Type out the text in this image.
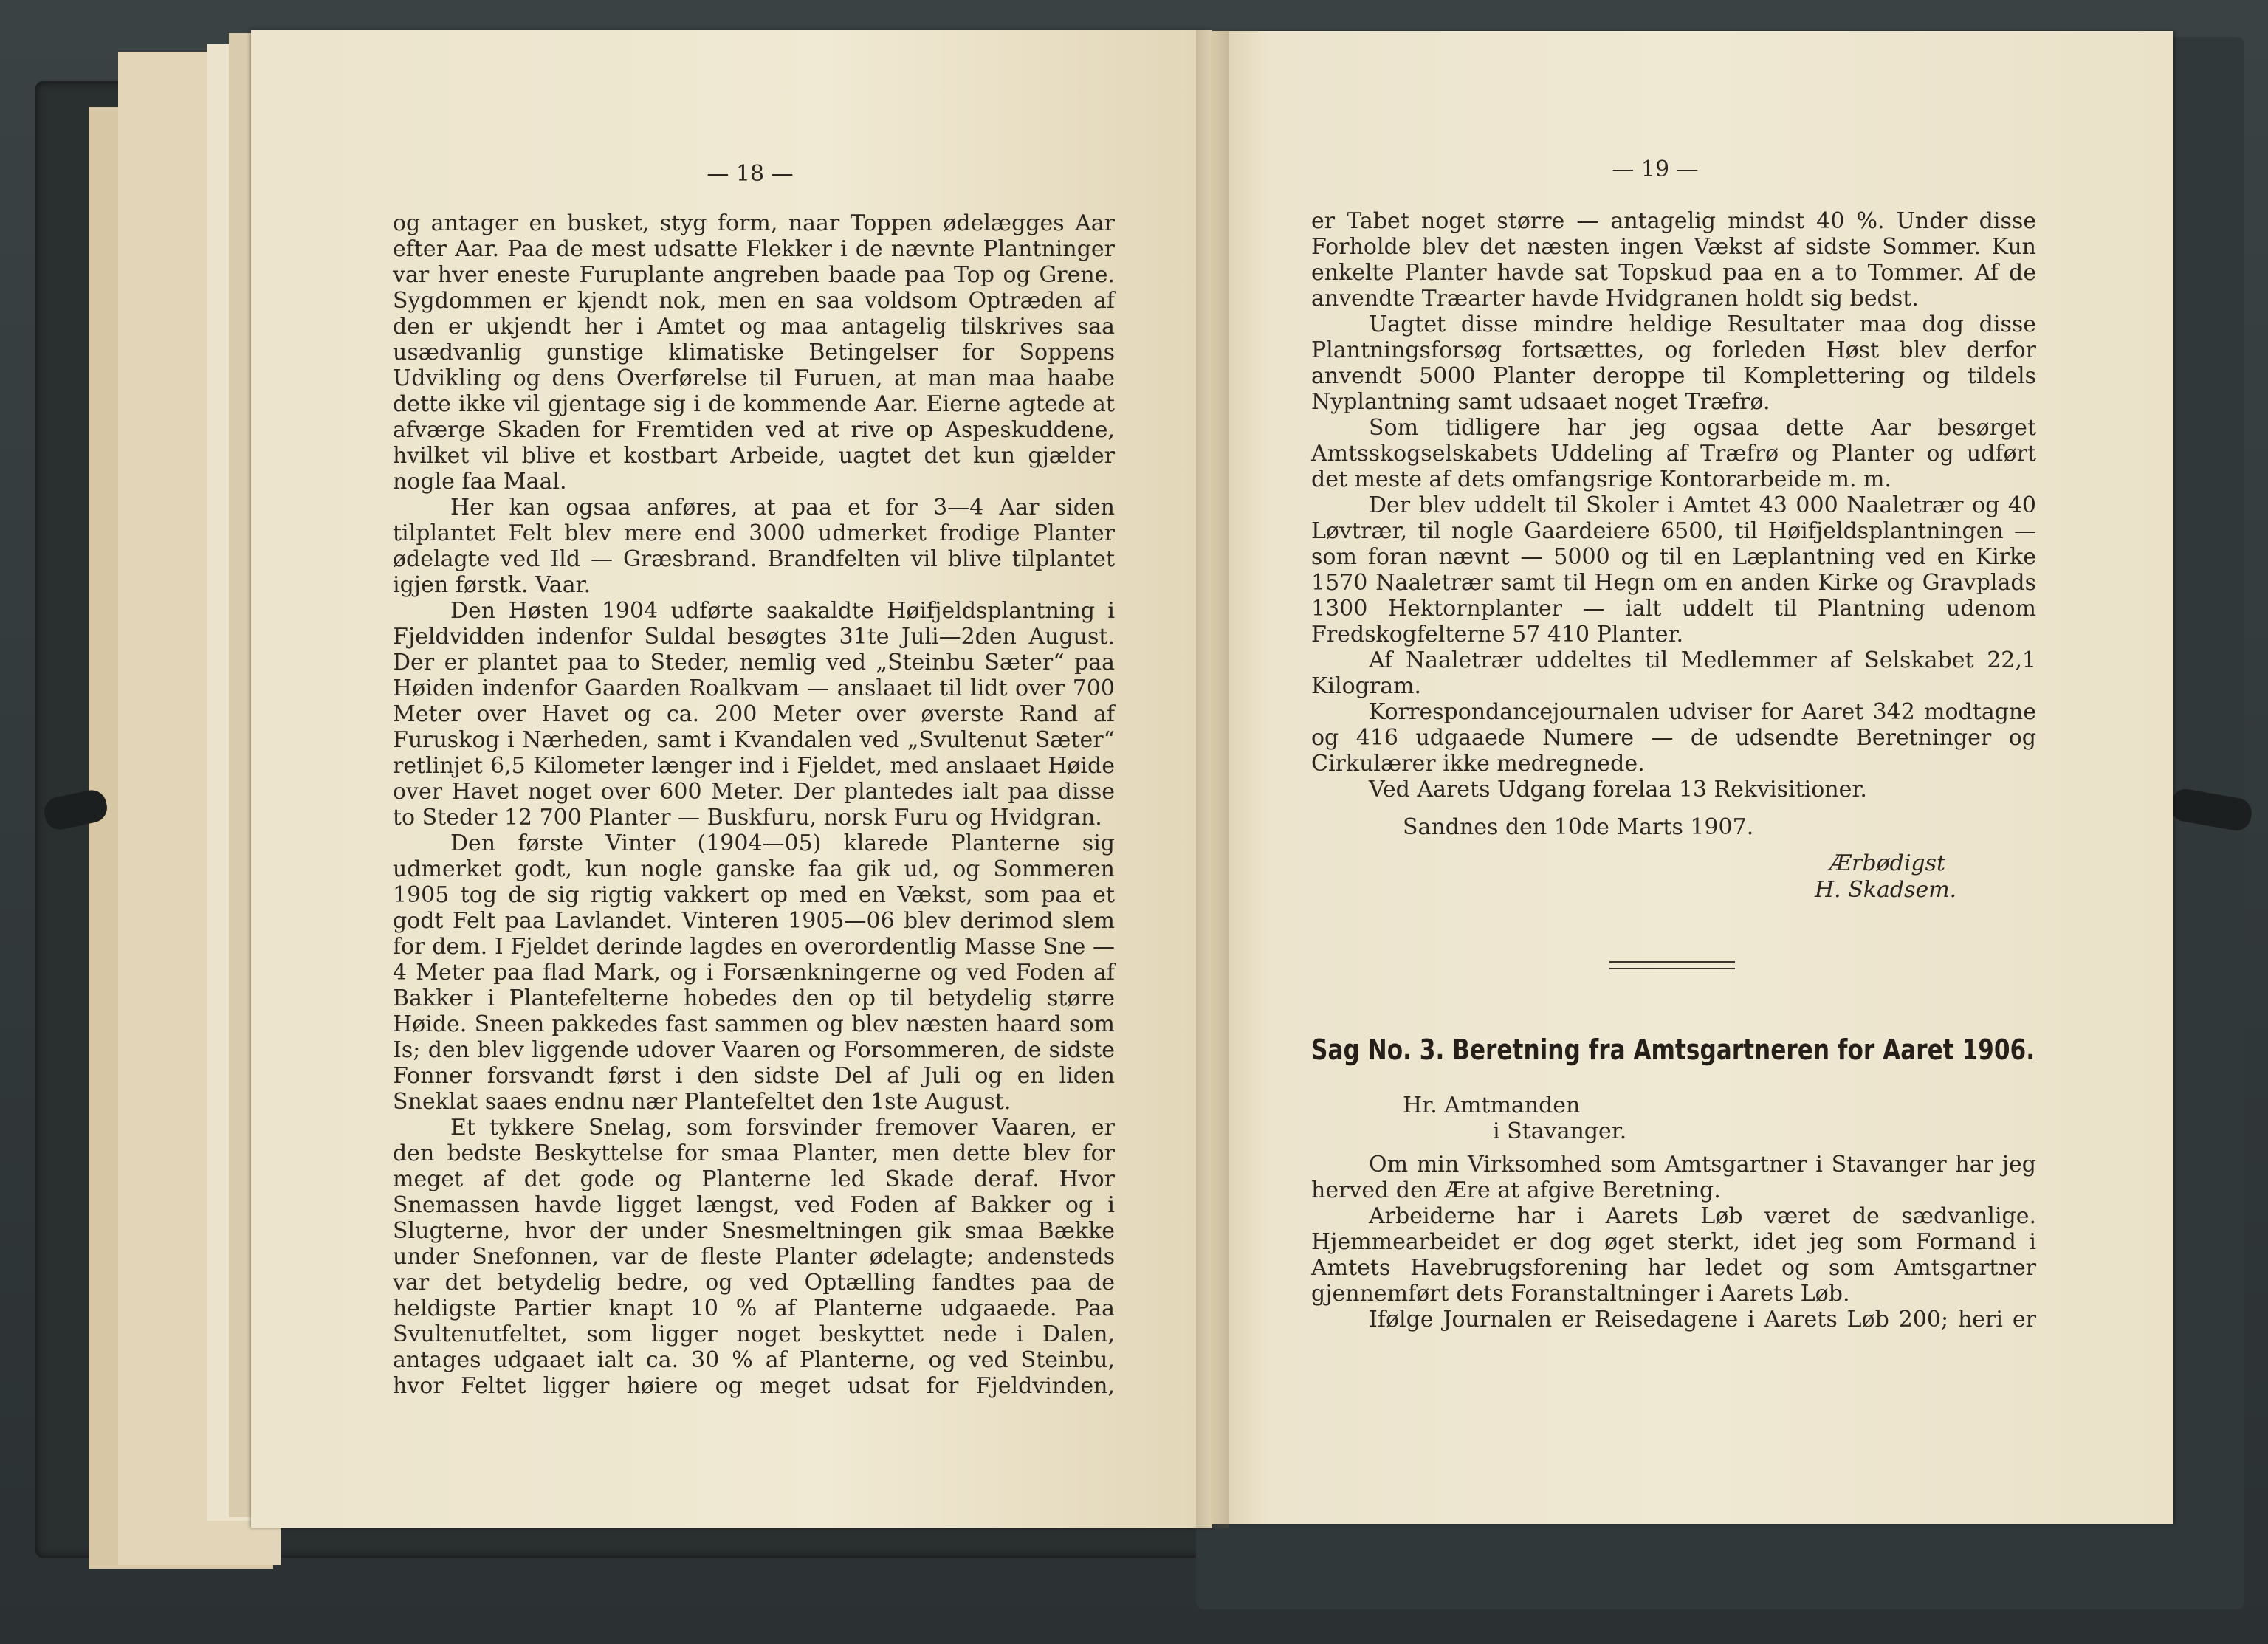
— 18 —

og antager en busket, styg form, naar Toppen ødelægges Aar efter Aar. Paa de mest udsatte Flekker i de nævnte Plantninger var hver eneste Furuplante angreben baade paa Top og Grene. Sygdommen er kjendt nok, men en saa voldsom Optræden af den er ukjendt her i Amtet og maa antagelig tilskrives saa usædvanlig gunstige klimatiske Betingelser for Soppens Udvikling og dens Overførelse til Furuen, at man maa haabe dette ikke vil gjentage sig i de kommende Aar. Eierne agtede at afværge Skaden for Fremtiden ved at rive op Aspeskuddene, hvilket vil blive et kostbart Arbeide, uagtet det kun gjælder nogle faa Maal.

Her kan ogsaa anføres, at paa et for 3—4 Aar siden tilplantet Felt blev mere end 3000 udmerket frodige Planter ødelagte ved Ild — Græsbrand. Brandfelten vil blive tilplantet igjen førstk. Vaar.

Den Høsten 1904 udførte saakaldte Høifjeldsplantning i Fjeldvidden indenfor Suldal besøgtes 31te Juli—2den August. Der er plantet paa to Steder, nemlig ved „Steinbu Sæter“ paa Høiden indenfor Gaarden Roalkvam — anslaaet til lidt over 700 Meter over Havet og ca. 200 Meter over øverste Rand af Furuskog i Nærheden, samt i Kvandalen ved „Svultenut Sæter“ retlinjet 6,5 Kilometer længer ind i Fjeldet, med anslaaet Høide over Havet noget over 600 Meter. Der plantedes ialt paa disse to Steder 12 700 Planter — Buskfuru, norsk Furu og Hvidgran.

Den første Vinter (1904—05) klarede Planterne sig udmerket godt, kun nogle ganske faa gik ud, og Sommeren 1905 tog de sig rigtig vakkert op med en Vækst, som paa et godt Felt paa Lavlandet. Vinteren 1905—06 blev derimod slem for dem. I Fjeldet derinde lagdes en overordentlig Masse Sne — 4 Meter paa flad Mark, og i Forsænkningerne og ved Foden af Bakker i Plantefelterne hobedes den op til betydelig større Høide. Sneen pakkedes fast sammen og blev næsten haard som Is; den blev liggende udover Vaaren og Forsommeren, de sidste Fonner forsvandt først i den sidste Del af Juli og en liden Sneklat saaes endnu nær Plantefeltet den 1ste August.

Et tykkere Snelag, som forsvinder fremover Vaaren, er den bedste Beskyttelse for smaa Planter, men dette blev for meget af det gode og Planterne led Skade deraf. Hvor Snemassen havde ligget længst, ved Foden af Bakker og i Slugterne, hvor der under Snesmeltningen gik smaa Bække under Snefonnen, var de fleste Planter ødelagte; andensteds var det betydelig bedre, og ved Optælling fandtes paa de heldigste Partier knapt 10 % af Planterne udgaaede. Paa Svultenutfeltet, som ligger noget beskyttet nede i Dalen, antages udgaaet ialt ca. 30 % af Planterne, og ved Steinbu, hvor Feltet ligger høiere og meget udsat for Fjeldvinden,

— 19 —

er Tabet noget større — antagelig mindst 40 %. Under disse Forholde blev det næsten ingen Vækst af sidste Sommer. Kun enkelte Planter havde sat Topskud paa en a to Tommer. Af de anvendte Træarter havde Hvidgranen holdt sig bedst.

Uagtet disse mindre heldige Resultater maa dog disse Plantningsforsøg fortsættes, og forleden Høst blev derfor anvendt 5000 Planter deroppe til Komplettering og tildels Nyplantning samt udsaaet noget Træfrø.

Som tidligere har jeg ogsaa dette Aar besørget Amtsskogselskabets Uddeling af Træfrø og Planter og udført det meste af dets omfangsrige Kontorarbeide m. m.

Der blev uddelt til Skoler i Amtet 43 000 Naaletrær og 40 Løvtrær, til nogle Gaardeiere 6500, til Høifjeldsplantningen — som foran nævnt — 5000 og til en Læplantning ved en Kirke 1570 Naaletrær samt til Hegn om en anden Kirke og Gravplads 1300 Hektornplanter — ialt uddelt til Plantning udenom Fredskogfelterne 57 410 Planter.

Af Naaletrær uddeltes til Medlemmer af Selskabet 22,1 Kilogram.

Korrespondancejournalen udviser for Aaret 342 modtagne og 416 udgaaede Numere — de udsendte Beretninger og Cirkulærer ikke medregnede.

Ved Aarets Udgang forelaa 13 Rekvisitioner.

Sandnes den 10de Marts 1907.
Ærbødigst
H. Skadsem.
Sag No. 3. Beretning fra Amtsgartneren for Aaret 1906.
Hr. Amtmanden
i Stavanger.

Om min Virksomhed som Amtsgartner i Stavanger har jeg herved den Ære at afgive Beretning.

Arbeiderne har i Aarets Løb været de sædvanlige. Hjemmearbeidet er dog øget sterkt, idet jeg som Formand i Amtets Havebrugsforening har ledet og som Amtsgartner gjennemført dets Foranstaltninger i Aarets Løb.

Ifølge Journalen er Reisedagene i Aarets Løb 200; heri er
